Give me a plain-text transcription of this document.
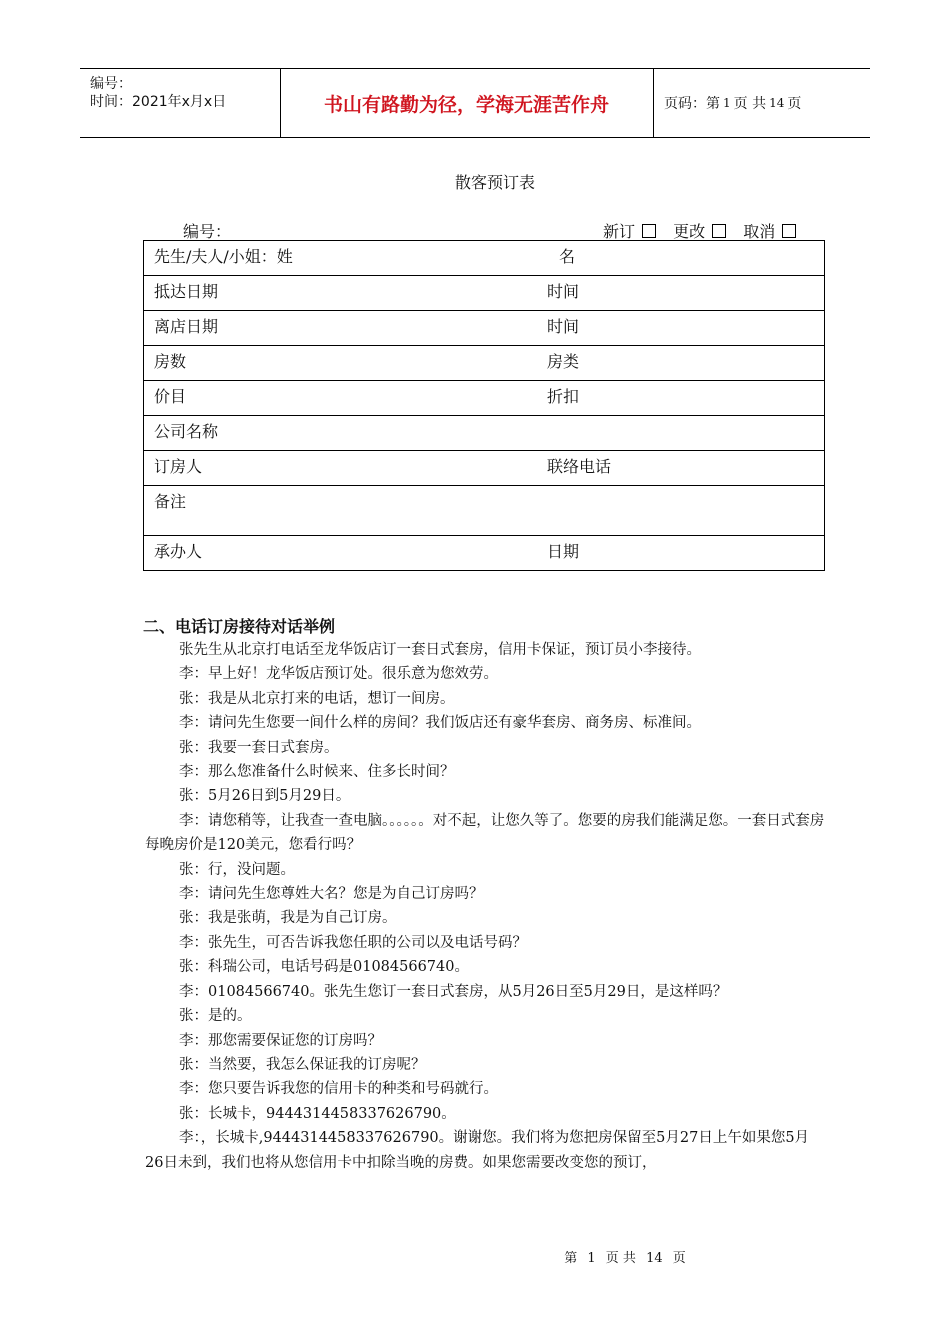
编号：
时间：2021年x月x日	书山有路勤为径，学海无涯苦作舟	页码：第 1 页 共 14 页
散客预订表
编号：	新订 更改 取消
先生/夫人/小姐：姓	名
抵达日期	时间
离店日期	时间
房数	房类
价目	折扣
公司名称	
订房人	联络电话
备注	
承办人	日期
二、电话订房接待对话举例

张先生从北京打电话至龙华饭店订一套日式套房，信用卡保证，预订员小李接待。

李：早上好！龙华饭店预订处。很乐意为您效劳。

张：我是从北京打来的电话，想订一间房。

李：请问先生您要一间什么样的房间？我们饭店还有豪华套房、商务房、标准间。

张：我要一套日式套房。

李：那么您准备什么时候来、住多长时间？

张：5月26日到5月29日。

李：请您稍等，让我查一查电脑。。。。。。对不起，让您久等了。您要的房我们能满足您。一套日式套房每晚房价是120美元，您看行吗？

张：行，没问题。

李：请问先生您尊姓大名？您是为自己订房吗？

张：我是张萌，我是为自己订房。

李：张先生，可否告诉我您任职的公司以及电话号码？

张：科瑞公司，电话号码是01084566740。

李：01084566740。张先生您订一套日式套房，从5月26日至5月29日，是这样吗？

张：是的。

李：那您需要保证您的订房吗？

张：当然要，我怎么保证我的订房呢？

李：您只要告诉我您的信用卡的种类和号码就行。

张：长城卡，9444314458337626790。

李：，长城卡,9444314458337626790。谢谢您。我们将为您把房保留至5月27日上午如果您5月26日未到，我们也将从您信用卡中扣除当晚的房费。如果您需要改变您的预订，

第 1 页 共 14 页
